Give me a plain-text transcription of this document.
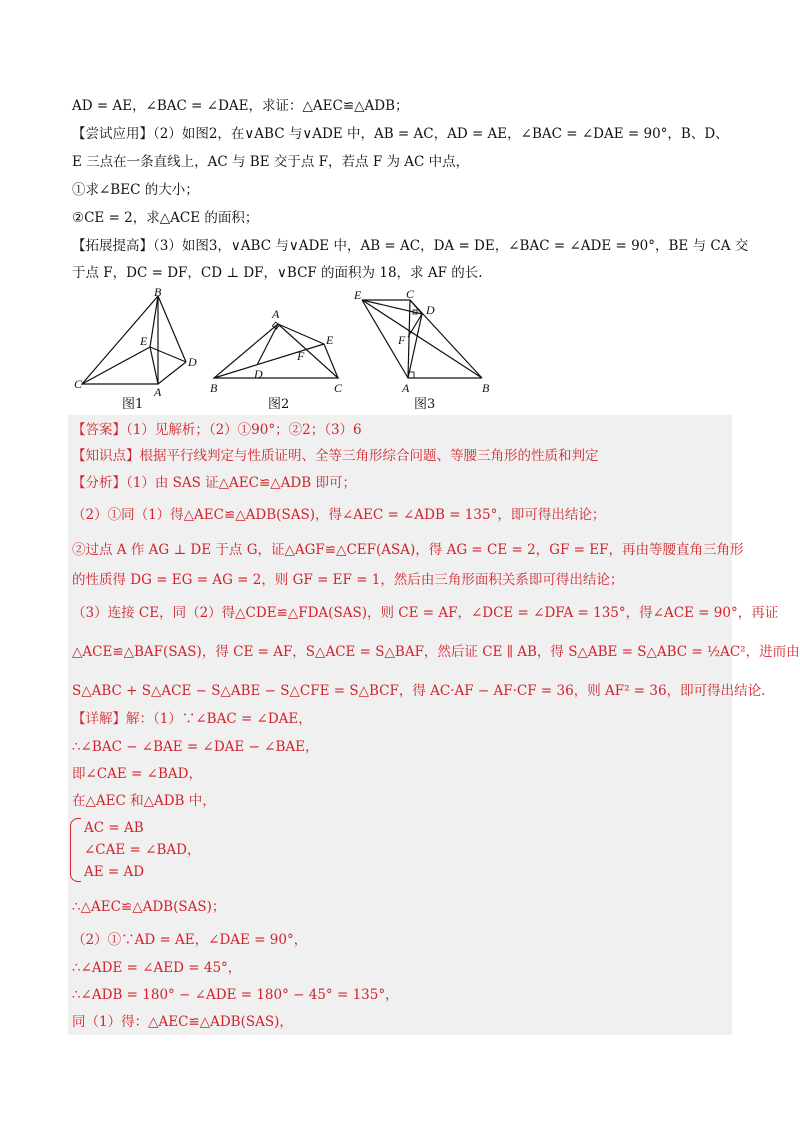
AD = AE，∠BAC = ∠DAE，求证：△AEC≌△ADB；
【尝试应用】（2）如图2，在∨ABC 与∨ADE 中，AB = AC，AD = AE，∠BAC = ∠DAE = 90°，B、D、
E 三点在一条直线上，AC 与 BE 交于点 F，若点 F 为 AC 中点，
①求∠BEC 的大小；
②CE = 2，求△ACE 的面积；
【拓展提高】（3）如图3，∨ABC 与∨ADE 中，AB = AC，DA = DE，∠BAC = ∠ADE = 90°，BE 与 CA 交
于点 F，DC = DF，CD ⊥ DF，∨BCF 的面积为 18，求 AF 的长.
B
E
D
C
A
图1
A
E
F
D
B	C
图2
E	C
D
F
A	B
图3
【答案】（1）见解析；（2）①90°；②2；（3）6
【知识点】根据平行线判定与性质证明、全等三角形综合问题、等腰三角形的性质和判定
【分析】（1）由 SAS 证△AEC≌△ADB 即可；
（2）①同（1）得△AEC≌△ADB(SAS)，得∠AEC = ∠ADB = 135°，即可得出结论；
②过点 A 作 AG ⊥ DE 于点 G，证△AGF≌△CEF(ASA)，得 AG = CE = 2，GF = EF，再由等腰直角三角形
的性质得 DG = EG = AG = 2，则 GF = EF = 1，然后由三角形面积关系即可得出结论；
（3）连接 CE，同（2）得△CDE≌△FDA(SAS)，则 CE = AF，∠DCE = ∠DFA = 135°，得∠ACE = 90°，再证
△ACE≌△BAF(SAS)，得 CE = AF，S△ACE = S△BAF，然后证 CE ∥ AB，得 S△ABE = S△ABC = ½AC²，进而由
S△ABC + S△ACE − S△ABE − S△CFE = S△BCF，得 AC·AF − AF·CF = 36，则 AF² = 36，即可得出结论.
【详解】解：（1）∵∠BAC = ∠DAE，
∴∠BAC − ∠BAE = ∠DAE − ∠BAE，
即∠CAE = ∠BAD，
在△AEC 和△ADB 中，
AC = AB
∠CAE = ∠BAD，
AE = AD
∴△AEC≌△ADB(SAS)；
（2）①∵AD = AE，∠DAE = 90°，
∴∠ADE = ∠AED = 45°，
∴∠ADB = 180° − ∠ADE = 180° − 45° = 135°，
同（1）得：△AEC≌△ADB(SAS)，
